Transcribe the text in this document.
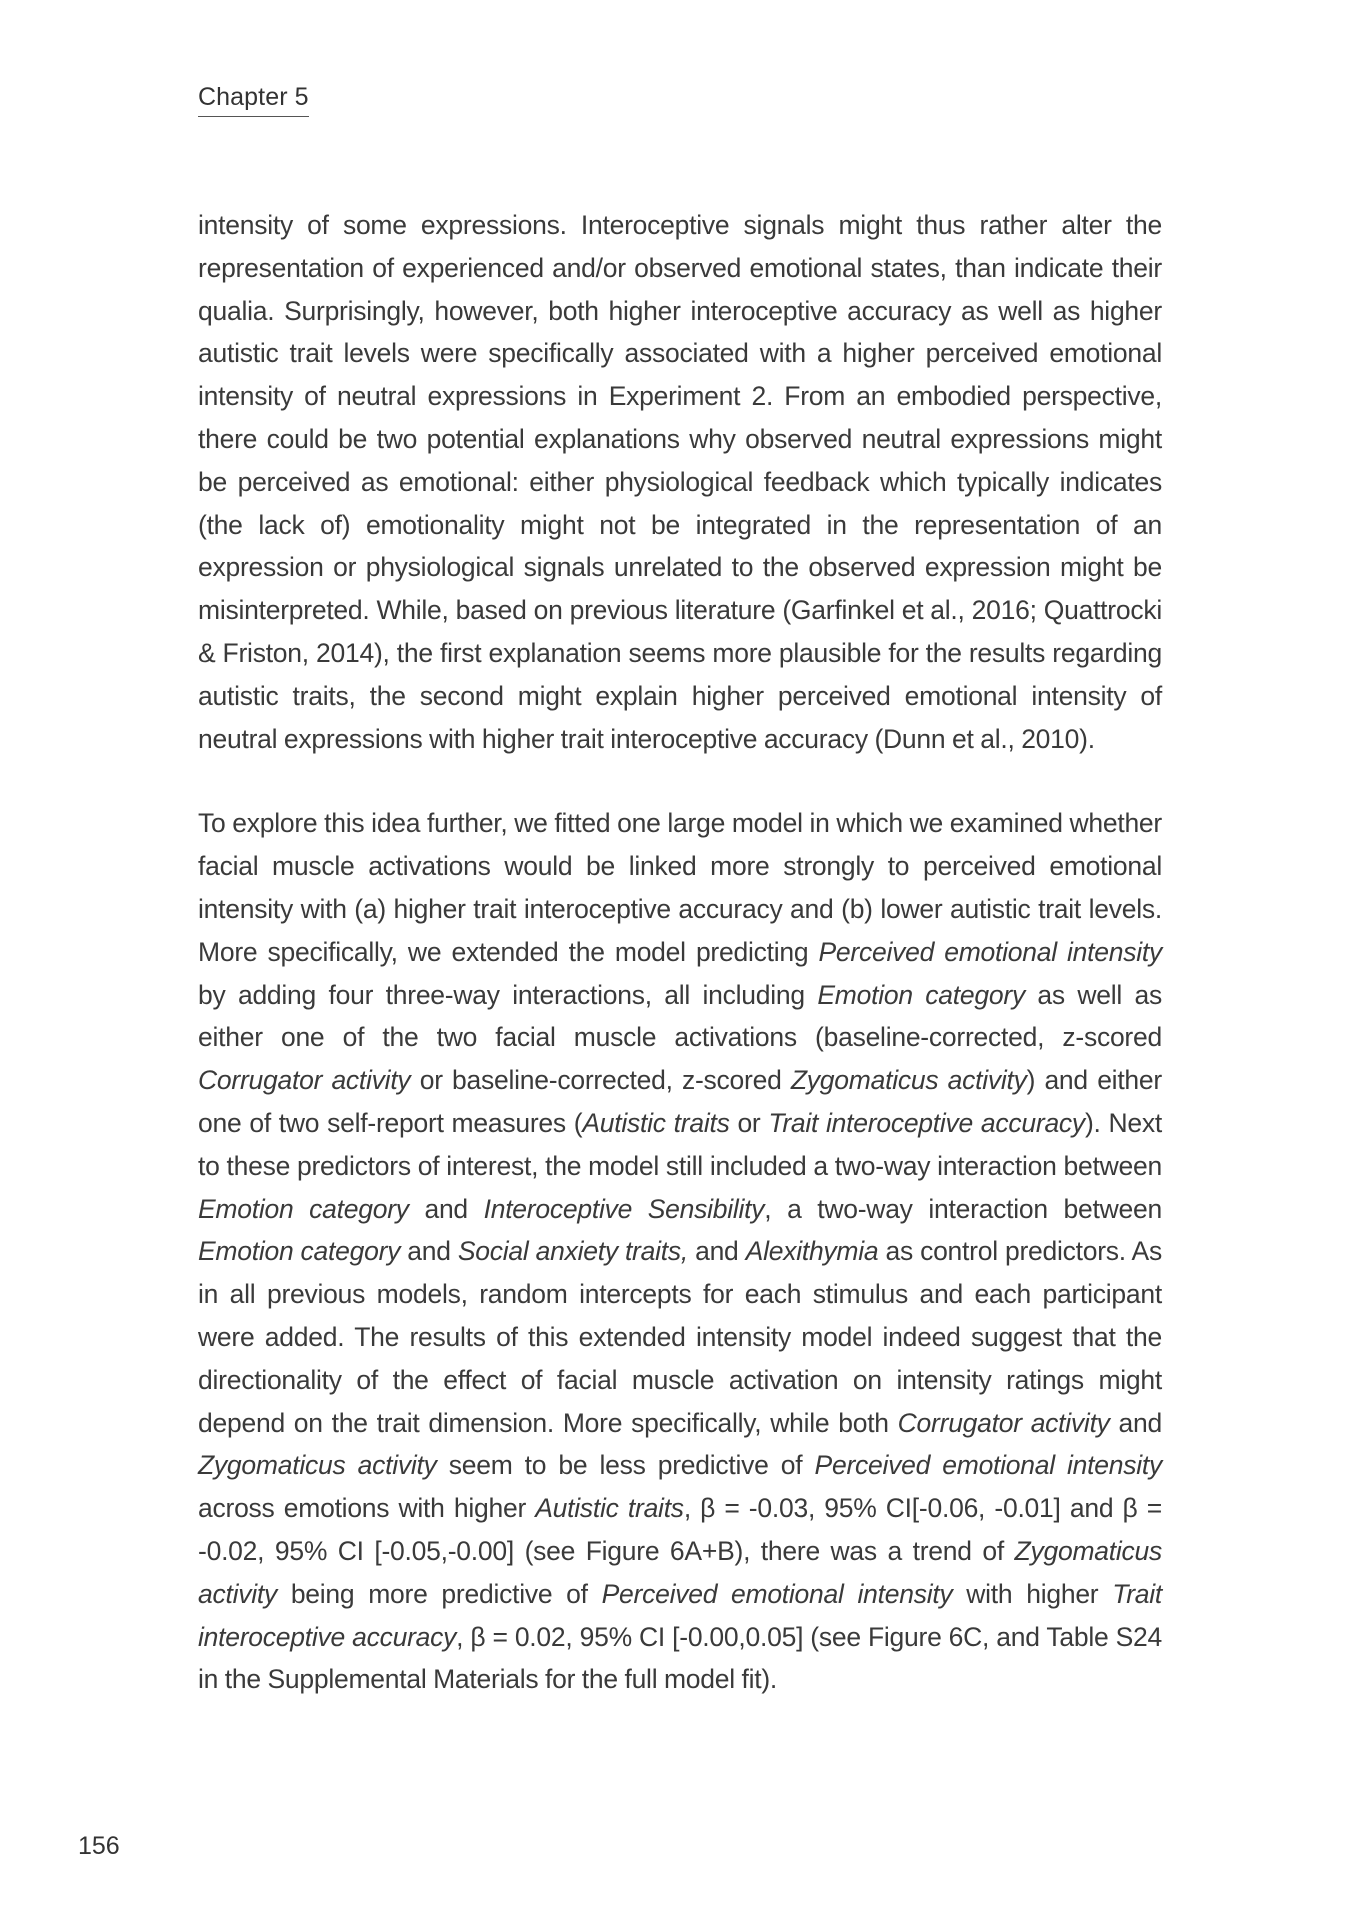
Chapter 5

intensity of some expressions. Interoceptive signals might thus rather alter the representation of experienced and/or observed emotional states, than indicate their qualia. Surprisingly, however, both higher interoceptive accuracy as well as higher autistic trait levels were specifically associated with a higher perceived emotional intensity of neutral expressions in Experiment 2. From an embodied perspective, there could be two potential explanations why observed neutral expressions might be perceived as emotional: either physiological feedback which typically indicates (the lack of) emotionality might not be integrated in the representation of an expression or physiological signals unrelated to the observed expression might be misinterpreted. While, based on previous literature (Garfinkel et al., 2016; Quattrocki & Friston, 2014), the first explanation seems more plausible for the results regarding autistic traits, the second might explain higher perceived emotional intensity of neutral expressions with higher trait interoceptive accuracy (Dunn et al., 2010).

To explore this idea further, we fitted one large model in which we examined whether facial muscle activations would be linked more strongly to perceived emotional intensity with (a) higher trait interoceptive accuracy and (b) lower autistic trait levels. More specifically, we extended the model predicting Perceived emotional intensity by adding four three-way interactions, all including Emotion category as well as either one of the two facial muscle activations (baseline-corrected, z-scored Corrugator activity or baseline-corrected, z-scored Zygomaticus activity) and either one of two self-report measures (Autistic traits or Trait interoceptive accuracy). Next to these predictors of interest, the model still included a two-way interaction between Emotion category and Interoceptive Sensibility, a two-way interaction between Emotion category and Social anxiety traits, and Alexithymia as control predictors. As in all previous models, random intercepts for each stimulus and each participant were added. The results of this extended intensity model indeed suggest that the directionality of the effect of facial muscle activation on intensity ratings might depend on the trait dimension. More specifically, while both Corrugator activity and Zygomaticus activity seem to be less predictive of Perceived emotional intensity across emotions with higher Autistic traits, β = -0.03, 95% CI[-0.06, -0.01] and β = -0.02, 95% CI [-0.05,-0.00] (see Figure 6A+B), there was a trend of Zygomaticus activity being more predictive of Perceived emotional intensity with higher Trait interoceptive accuracy, β = 0.02, 95% CI [-0.00,0.05] (see Figure 6C, and Table S24 in the Supplemental Materials for the full model fit).

156
